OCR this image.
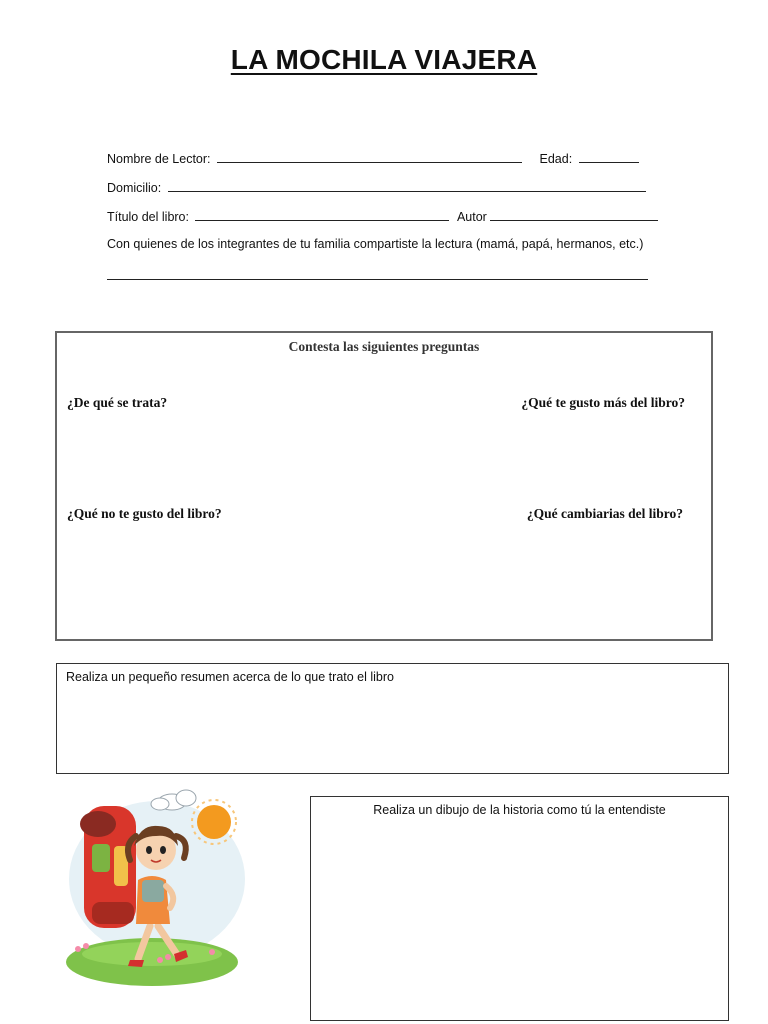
LA MOCHILA VIAJERA
Nombre de Lector:	Edad:
Domicilio:
Título del libro:	Autor
Con quienes de los integrantes de tu familia compartiste la lectura (mamá, papá, hermanos, etc.)
Contesta las siguientes preguntas
¿De qué se trata?	¿Qué te gusto más del libro?
¿Qué no te gusto del libro?	¿Qué cambiarias del libro?
Realiza un pequeño resumen acerca de lo que trato el libro
Realiza un dibujo de la historia como tú la entendiste
